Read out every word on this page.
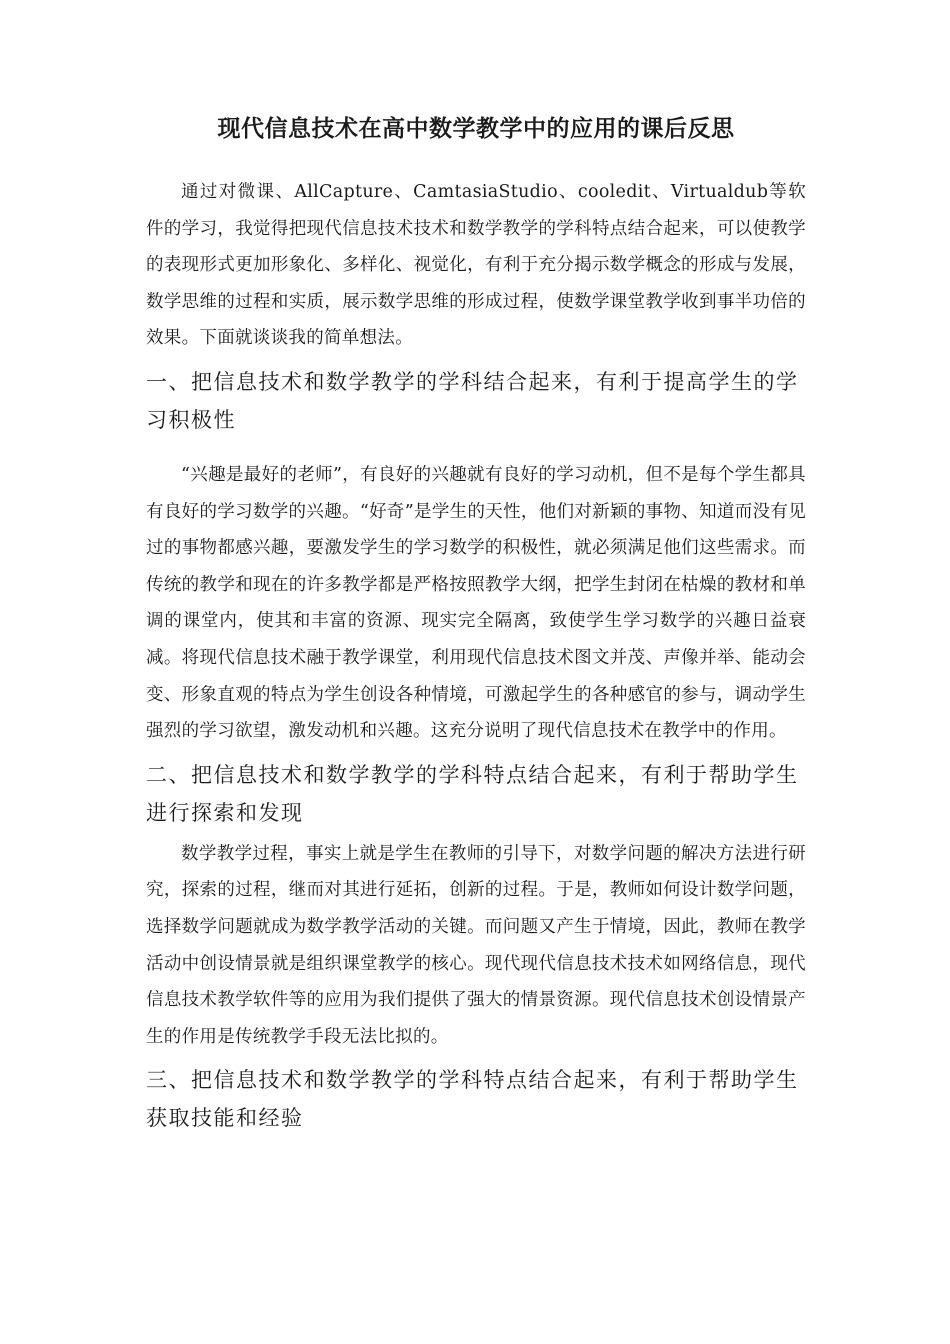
现代信息技术在高中数学教学中的应用的课后反思

通过对微课、AllCapture、CamtasiaStudio、cooledit、Virtualdub等软件的学习，我觉得把现代信息技术技术和数学教学的学科特点结合起来，可以使教学的表现形式更加形象化、多样化、视觉化，有利于充分揭示数学概念的形成与发展，数学思维的过程和实质，展示数学思维的形成过程，使数学课堂教学收到事半功倍的效果。下面就谈谈我的简单想法。

一、把信息技术和数学教学的学科结合起来，有利于提高学生的学习积极性

“兴趣是最好的老师”，有良好的兴趣就有良好的学习动机，但不是每个学生都具有良好的学习数学的兴趣。“好奇”是学生的天性，他们对新颖的事物、知道而没有见过的事物都感兴趣，要激发学生的学习数学的积极性，就必须满足他们这些需求。而传统的教学和现在的许多教学都是严格按照教学大纲，把学生封闭在枯燥的教材和单调的课堂内，使其和丰富的资源、现实完全隔离，致使学生学习数学的兴趣日益衰减。将现代信息技术融于教学课堂，利用现代信息技术图文并茂、声像并举、能动会变、形象直观的特点为学生创设各种情境，可激起学生的各种感官的参与，调动学生强烈的学习欲望，激发动机和兴趣。这充分说明了现代信息技术在教学中的作用。

二、把信息技术和数学教学的学科特点结合起来，有利于帮助学生进行探索和发现

数学教学过程，事实上就是学生在教师的引导下，对数学问题的解决方法进行研究，探索的过程，继而对其进行延拓，创新的过程。于是，教师如何设计数学问题，选择数学问题就成为数学教学活动的关键。而问题又产生于情境，因此，教师在教学活动中创设情景就是组织课堂教学的核心。现代现代信息技术技术如网络信息，现代信息技术教学软件等的应用为我们提供了强大的情景资源。现代信息技术创设情景产生的作用是传统教学手段无法比拟的。

三、把信息技术和数学教学的学科特点结合起来，有利于帮助学生获取技能和经验
